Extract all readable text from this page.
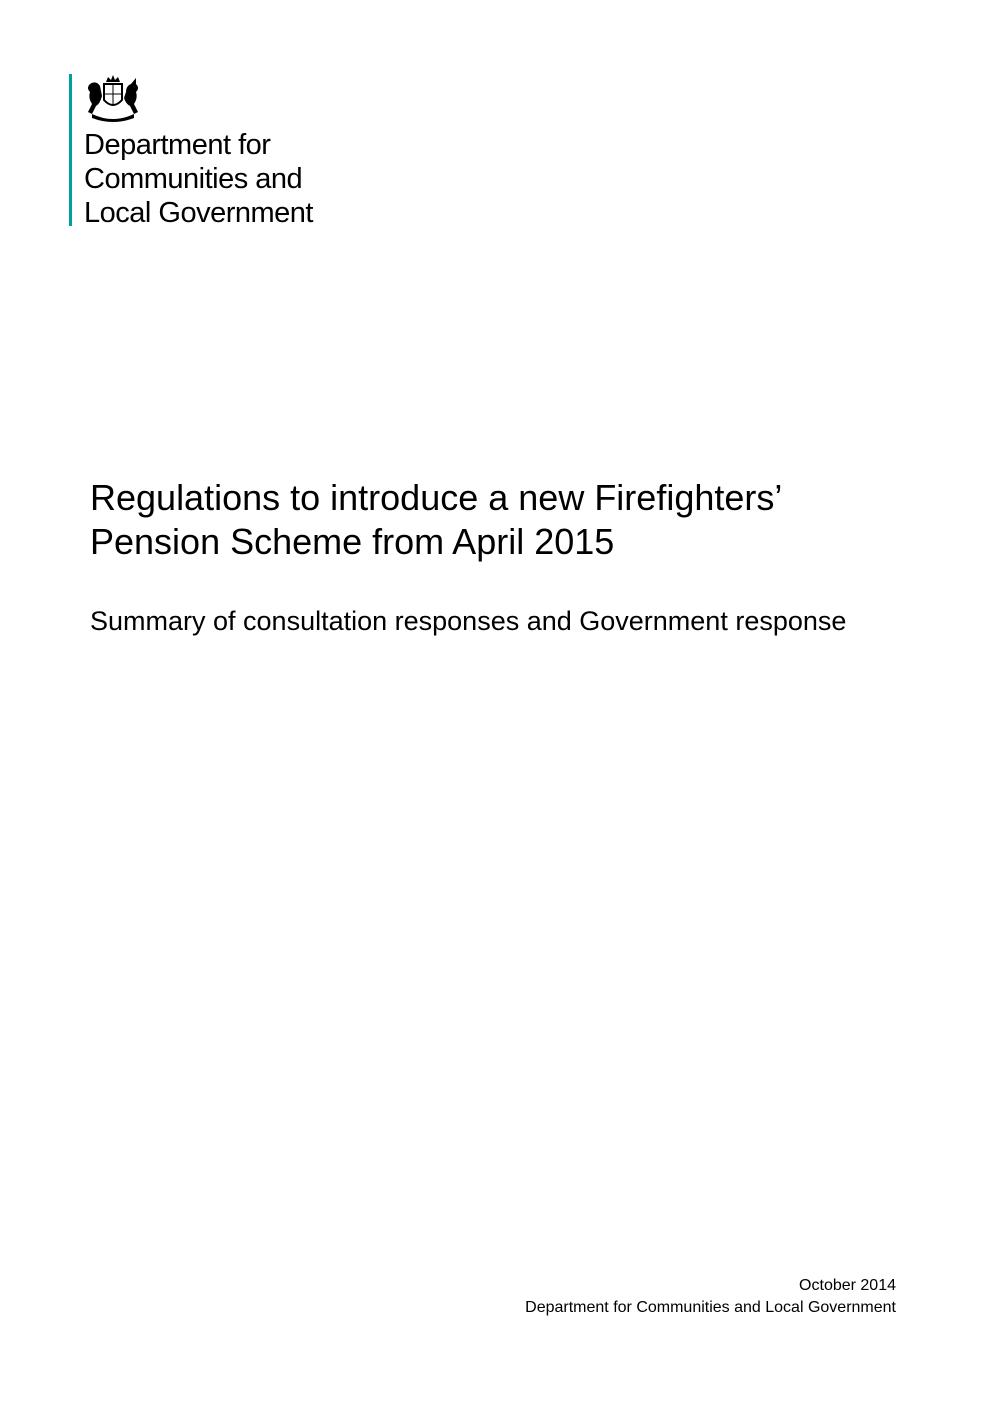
Department for
Communities and
Local Government
Regulations to introduce a new Firefighters’ Pension Scheme from April 2015
Summary of consultation responses and Government response
October 2014
Department for Communities and Local Government
